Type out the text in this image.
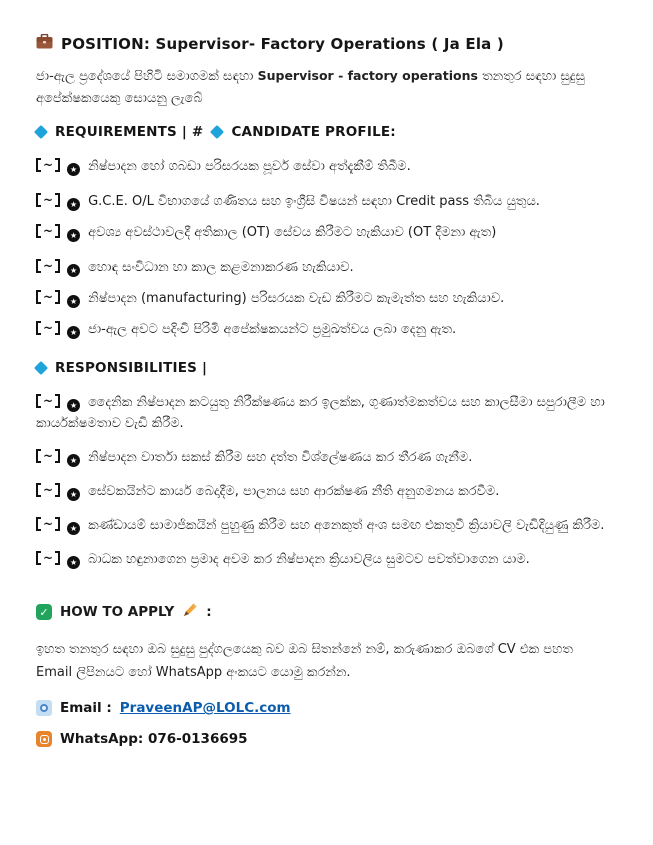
POSITION: Supervisor- Factory Operations ( Ja Ela )

ජා-ඇල ප්‍රදේශයේ පිහිටි සමාගමක් සඳහා Supervisor - factory operations තනතුර සඳහා සුදුසු අපේක්ෂකයෙකු සොයනු ලැබේ

REQUIREMENTS | # CANDIDATE PROFILE:

~ ★ නිෂ්පාදන හෝ ගබඩා පරිසරයක පූර්ව සේවා අත්දැකීම් තිබීම.

~ ★ G.C.E. O/L විභාගයේ ගණිතය සහ ඉංග්‍රීසි විෂයන් සඳහා Credit pass තිබිය යුතුය.

~ ★ අවශ්‍ය අවස්ථාවලදී අතිකාල (OT) සේවය කිරීමට හැකියාව (OT දීමනා ඇත)

~ ★ හොඳ සංවිධාන හා කාල කළමනාකරණ හැකියාව.

~ ★ නිෂ්පාදන (manufacturing) පරිසරයක වැඩ කිරීමට කැමැත්ත සහ හැකියාව.

~ ★ ජා-ඇල අවට පදිංචි පිරිමි අපේක්ෂකයන්ට ප්‍රමුඛත්වය ලබා දෙනු ඇත.

RESPONSIBILITIES |

~ ★ දෛනික නිෂ්පාදන කටයුතු නිරීක්ෂණය කර ඉලක්ක, ගුණාත්මකත්වය සහ කාලසීමා සපුරාලීම හා කාර්යක්ෂමතාව වැඩි කිරීම.

~ ★ නිෂ්පාදන වාර්තා සකස් කිරීම සහ දත්ත විශ්ලේෂණය කර තීරණ ගැනීම.

~ ★ සේවකයින්ට කාර්ය බෙදාදීම, පාලනය සහ ආරක්ෂණ නීති අනුගමනය කරවීම.

~ ★ කණ්ඩායම් සාමාජිකයින් පුහුණු කිරීම සහ අනෙකුත් අංශ සමඟ එකතුවී ක්‍රියාවලි වැඩිදියුණු කිරීම.

~ ★ බාධක හඳුනාගෙන ප්‍රමාද අවම කර නිෂ්පාදන ක්‍රියාවලිය සුමටව පවත්වාගෙන යාම.

✓
HOW TO APPLY :

ඉහත තනතුර සඳහා ඔබ සුදුසු පුද්ගලයෙකු බව ඔබ සිතන්නේ නම්, කරුණාකර ඔබගේ CV එක පහත Email ලිපිනයට හෝ WhatsApp අංකයට යොමු කරන්න.

Email : PraveenAP@LOLC.com
WhatsApp: 076-0136695
